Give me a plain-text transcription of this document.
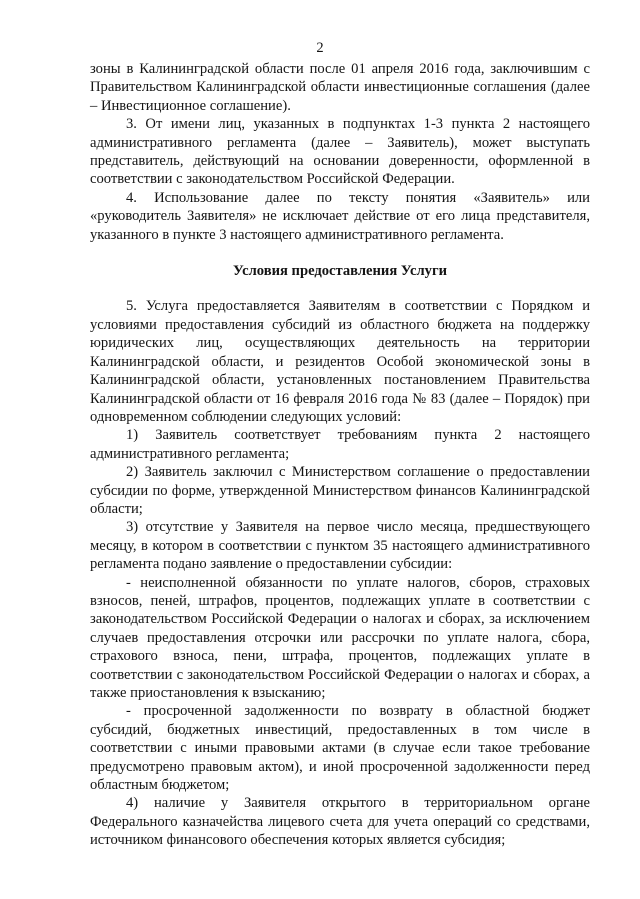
2

зоны в Калининградской области после 01 апреля 2016 года, заключившим с Правительством Калининградской области инвестиционные соглашения (далее – Инвестиционное соглашение).

3. От имени лиц, указанных в подпунктах 1-3 пункта 2 настоящего административного регламента (далее – Заявитель), может выступать представитель, действующий на основании доверенности, оформленной в соответствии с законодательством Российской Федерации.

4. Использование далее по тексту понятия «Заявитель» или «руководитель Заявителя» не исключает действие от его лица представителя, указанного в пункте 3 настоящего административного регламента.

Условия предоставления Услуги

5. Услуга предоставляется Заявителям в соответствии с Порядком и условиями предоставления субсидий из областного бюджета на поддержку юридических лиц, осуществляющих деятельность на территории Калининградской области, и резидентов Особой экономической зоны в Калининградской области, установленных постановлением Правительства Калининградской области от 16 февраля 2016 года № 83 (далее – Порядок) при одновременном соблюдении следующих условий:

1) Заявитель соответствует требованиям пункта 2 настоящего административного регламента;

2) Заявитель заключил с Министерством соглашение о предоставлении субсидии по форме, утвержденной Министерством финансов Калининградской области;

3) отсутствие у Заявителя на первое число месяца, предшествующего месяцу, в котором в соответствии с пунктом 35 настоящего административного регламента подано заявление о предоставлении субсидии:

- неисполненной обязанности по уплате налогов, сборов, страховых взносов, пеней, штрафов, процентов, подлежащих уплате в соответствии с законодательством Российской Федерации о налогах и сборах, за исключением случаев предоставления отсрочки или рассрочки по уплате налога, сбора, страхового взноса, пени, штрафа, процентов, подлежащих уплате в соответствии с законодательством Российской Федерации о налогах и сборах, а также приостановления к взысканию;

- просроченной задолженности по возврату в областной бюджет субсидий, бюджетных инвестиций, предоставленных в том числе в соответствии с иными правовыми актами (в случае если такое требование предусмотрено правовым актом), и иной просроченной задолженности перед областным бюджетом;

4) наличие у Заявителя открытого в территориальном органе Федерального казначейства лицевого счета для учета операций со средствами, источником финансового обеспечения которых является субсидия;
